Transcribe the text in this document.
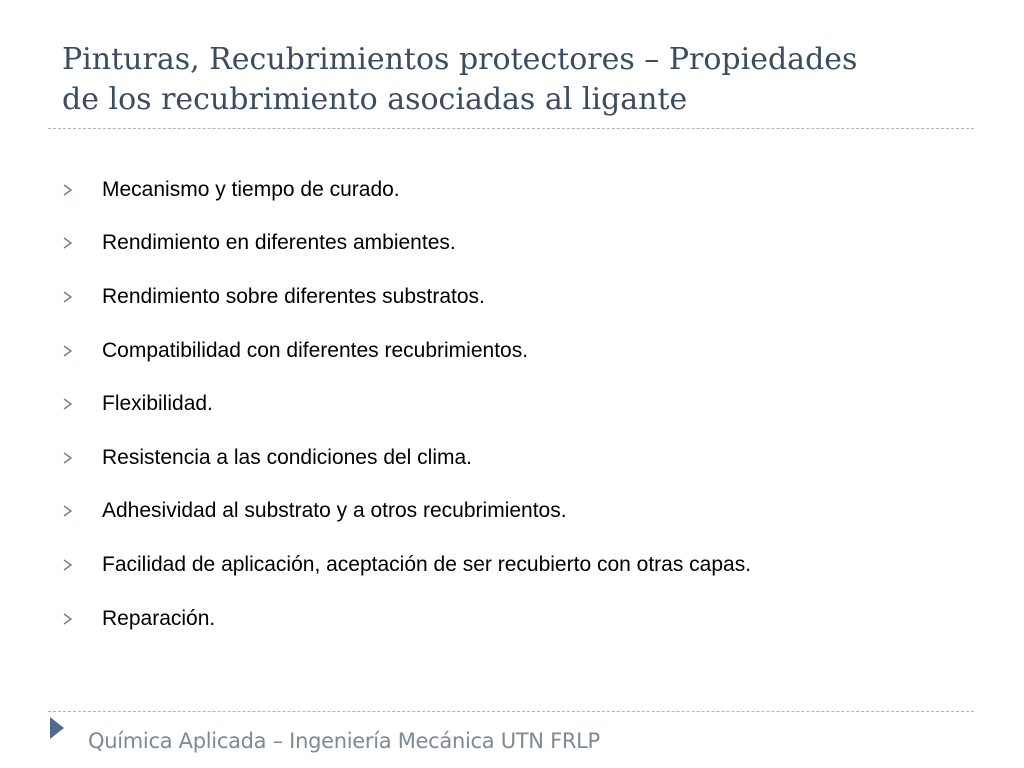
Pinturas, Recubrimientos protectores – Propiedades
de los recubrimiento asociadas al ligante
Mecanismo y tiempo de curado.
Rendimiento en diferentes ambientes.
Rendimiento sobre diferentes substratos.
Compatibilidad con diferentes recubrimientos.
Flexibilidad.
Resistencia a las condiciones del clima.
Adhesividad al substrato y a otros recubrimientos.
Facilidad de aplicación, aceptación de ser recubierto con otras capas.
Reparación.
Química Aplicada – Ingeniería Mecánica UTN FRLP
